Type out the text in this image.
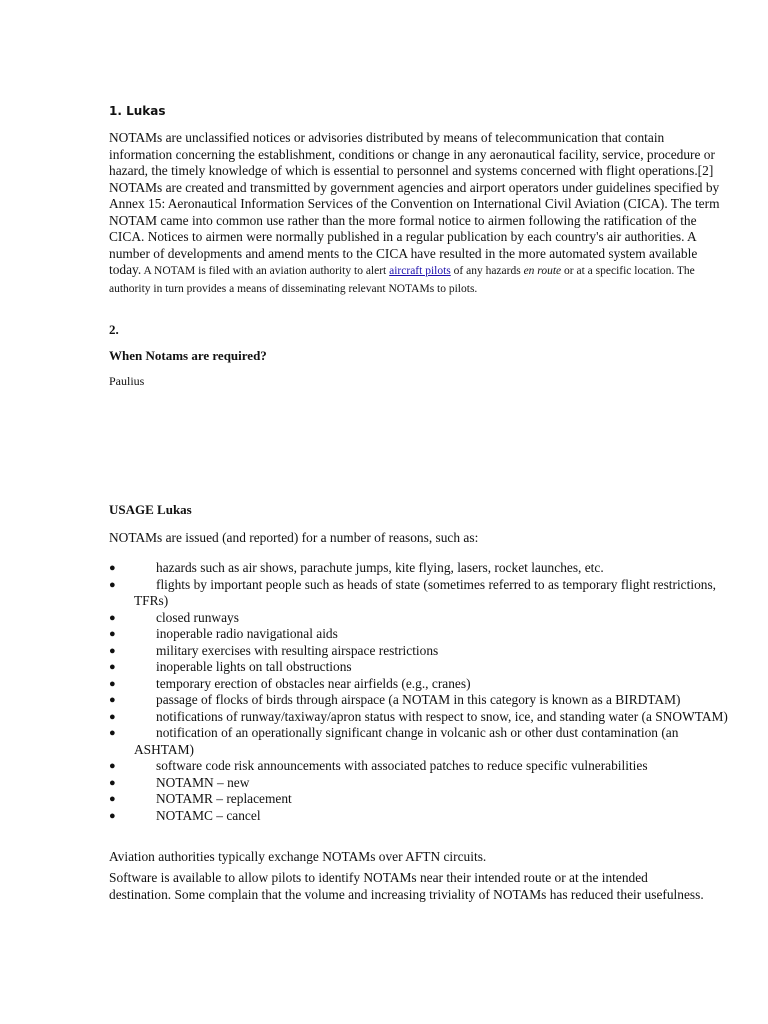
1. Lukas
NOTAMs are unclassified notices or advisories distributed by means of telecommunication that contain information concerning the establishment, conditions or change in any aeronautical facility, service, procedure or hazard, the timely knowledge of which is essential to personnel and systems concerned with flight operations.[2] NOTAMs are created and transmitted by government agencies and airport operators under guidelines specified by Annex 15: Aeronautical Information Services of the Convention on International Civil Aviation (CICA). The term NOTAM came into common use rather than the more formal notice to airmen following the ratification of the CICA. Notices to airmen were normally published in a regular publication by each country's air authorities. A number of developments and amend ments to the CICA have resulted in the more automated system available today. A NOTAM is filed with an aviation authority to alert aircraft pilots of any hazards en route or at a specific location. The authority in turn provides a means of disseminating relevant NOTAMs to pilots.
2.
When Notams are required?
Paulius
USAGE Lukas
NOTAMs are issued (and reported) for a number of reasons, such as:
●	hazards such as air shows, parachute jumps, kite flying, lasers, rocket launches, etc.
●	flights by important people such as heads of state (sometimes referred to as temporary flight restrictions, TFRs)
●	closed runways
●	inoperable radio navigational aids
●	military exercises with resulting airspace restrictions
●	inoperable lights on tall obstructions
●	temporary erection of obstacles near airfields (e.g., cranes)
●	passage of flocks of birds through airspace (a NOTAM in this category is known as a BIRDTAM)
●	notifications of runway/taxiway/apron status with respect to snow, ice, and standing water (a SNOWTAM)
●	notification of an operationally significant change in volcanic ash or other dust contamination (an ASHTAM)
●	software code risk announcements with associated patches to reduce specific vulnerabilities
●	NOTAMN – new
●	NOTAMR – replacement
●	NOTAMC – cancel
Aviation authorities typically exchange NOTAMs over AFTN circuits.
Software is available to allow pilots to identify NOTAMs near their intended route or at the intended destination. Some complain that the volume and increasing triviality of NOTAMs has reduced their usefulness.
